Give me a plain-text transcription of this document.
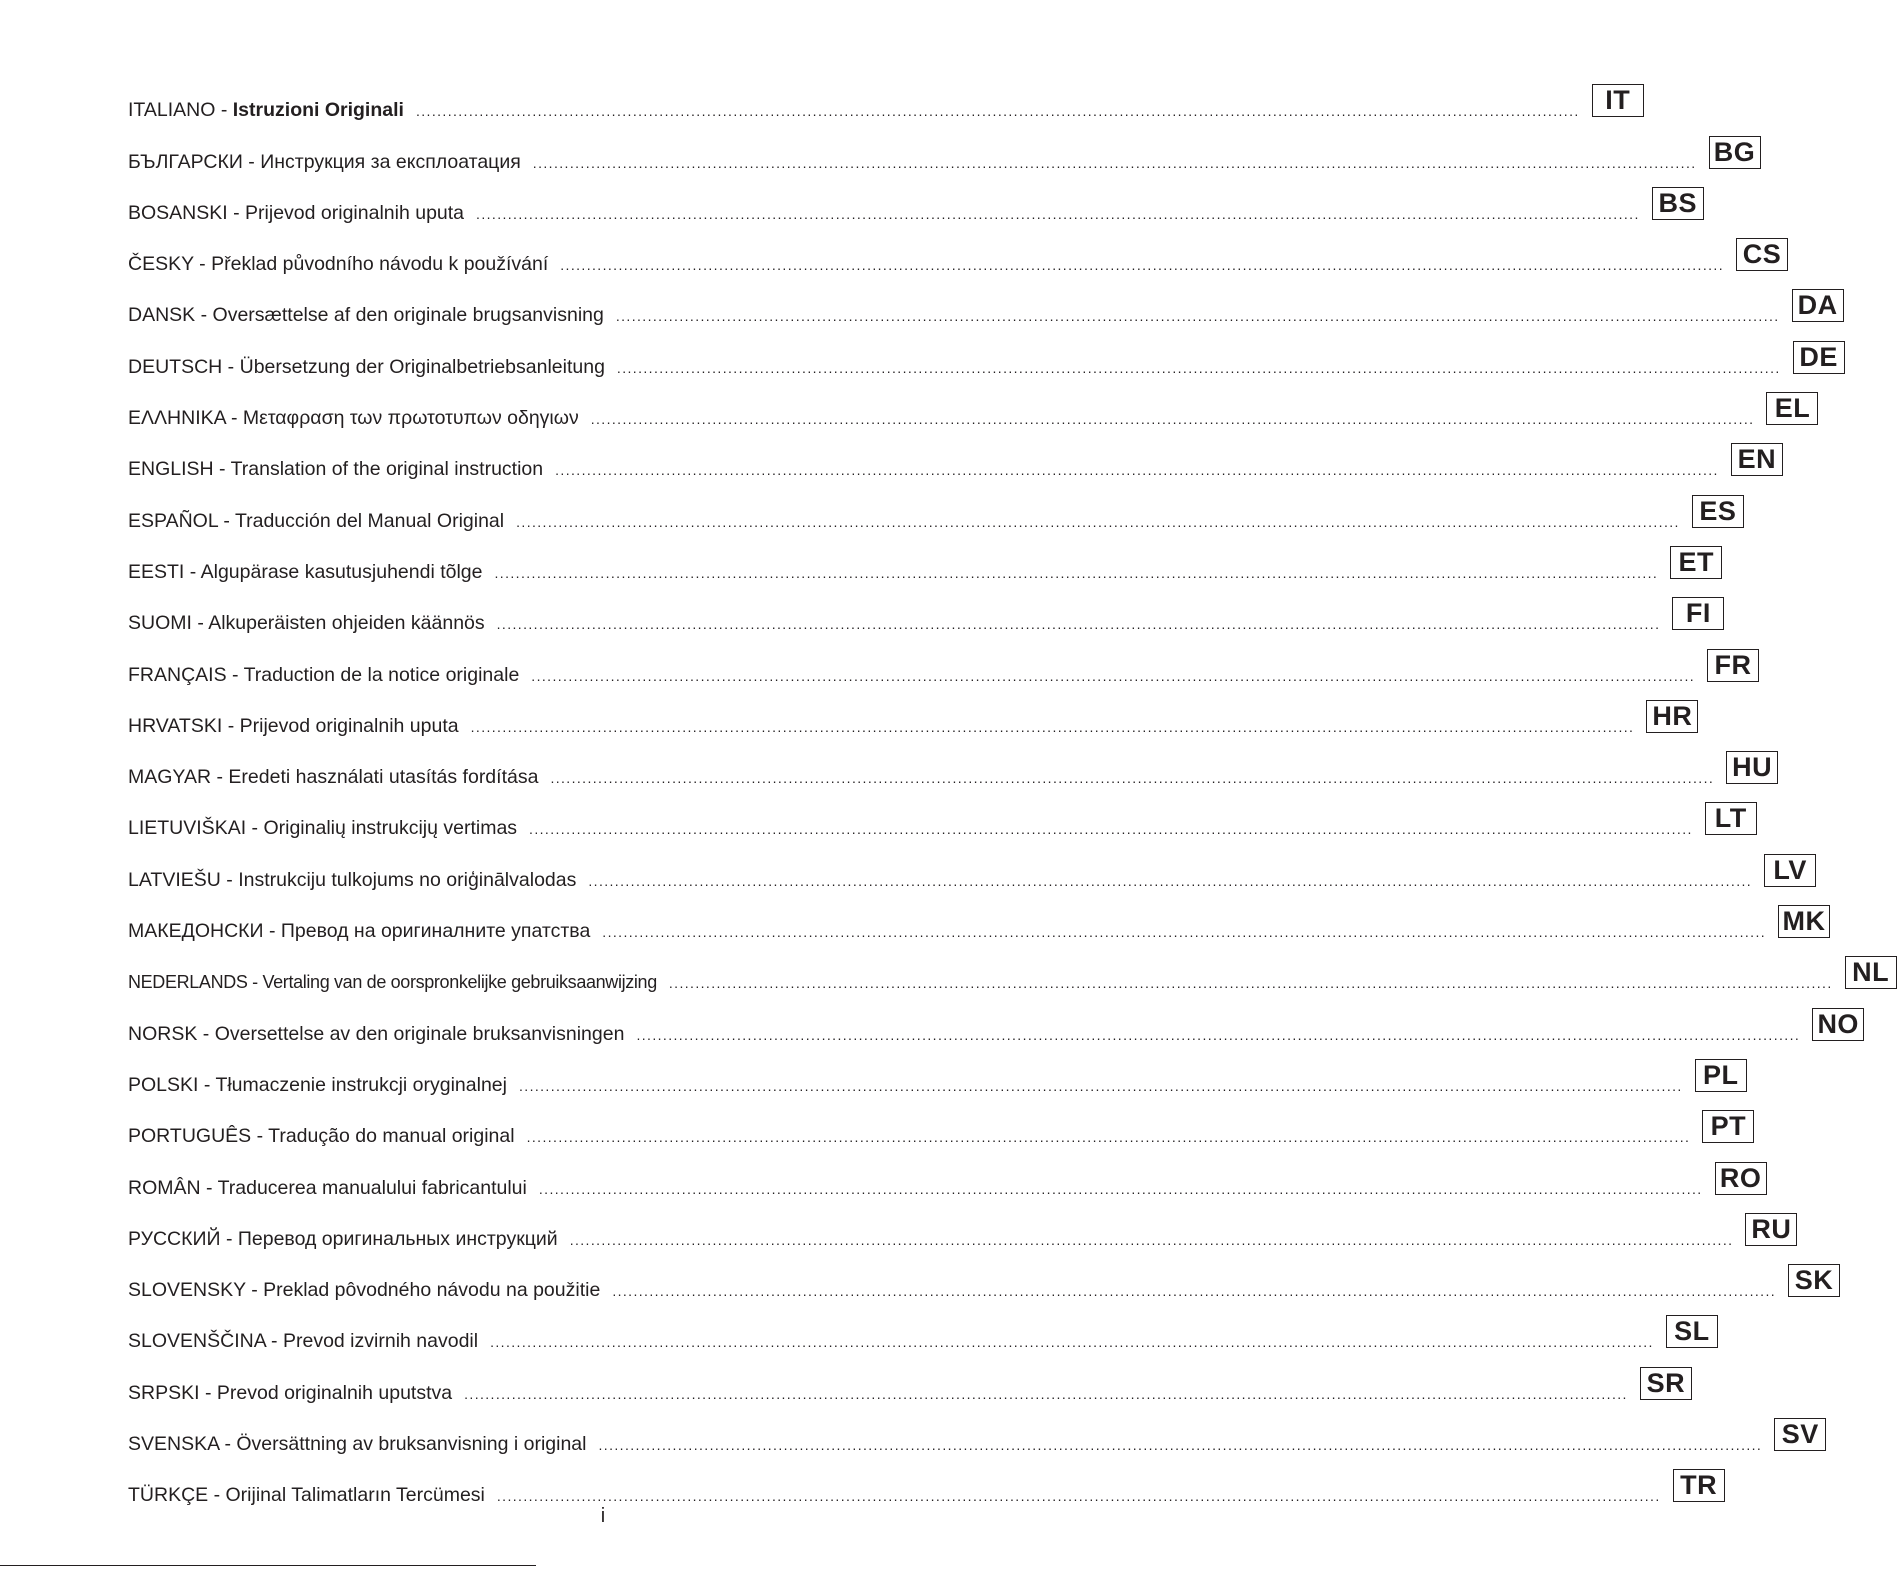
ITALIANO - Istruzioni Originali ............................................................................................................................................................................................................................ IT
БЪЛГАРСКИ - Инструкция за експлоатация ............................................................................................................................................................................................................................ BG
BOSANSKI - Prijevod originalnih uputa ............................................................................................................................................................................................................................ BS
ČESKY - Překlad původního návodu k používání ............................................................................................................................................................................................................................ CS
DANSK - Oversættelse af den originale brugsanvisning ............................................................................................................................................................................................................................ DA
DEUTSCH - Übersetzung der Originalbetriebsanleitung ............................................................................................................................................................................................................................ DE
ΕΛΛΗΝΙΚΑ - Μεταφραση των πρωτοτυπων οδηγιων ............................................................................................................................................................................................................................ EL
ENGLISH - Translation of the original instruction ............................................................................................................................................................................................................................ EN
ESPAÑOL - Traducción del Manual Original ............................................................................................................................................................................................................................ ES
EESTI - Algupärase kasutusjuhendi tõlge ............................................................................................................................................................................................................................ ET
SUOMI - Alkuperäisten ohjeiden käännös ............................................................................................................................................................................................................................ FI
FRANÇAIS - Traduction de la notice originale ............................................................................................................................................................................................................................ FR
HRVATSKI - Prijevod originalnih uputa ............................................................................................................................................................................................................................ HR
MAGYAR - Eredeti használati utasítás fordítása ............................................................................................................................................................................................................................ HU
LIETUVIŠKAI - Originalių instrukcijų vertimas ............................................................................................................................................................................................................................ LT
LATVIEŠU - Instrukciju tulkojums no oriģinālvalodas ............................................................................................................................................................................................................................ LV
МАКЕДОНСКИ - Превод на оригиналните упатства ............................................................................................................................................................................................................................ MK
NEDERLANDS - Vertaling van de oorspronkelijke gebruiksaanwijzing ............................................................................................................................................................................................................................ NL
NORSK - Oversettelse av den originale bruksanvisningen ............................................................................................................................................................................................................................ NO
POLSKI - Tłumaczenie instrukcji oryginalnej ............................................................................................................................................................................................................................ PL
PORTUGUÊS - Tradução do manual original ............................................................................................................................................................................................................................ PT
ROMÂN - Traducerea manualului fabricantului ............................................................................................................................................................................................................................ RO
РУССКИЙ - Перевод оригинальных инструкций ............................................................................................................................................................................................................................ RU
SLOVENSKY - Preklad pôvodného návodu na použitie ............................................................................................................................................................................................................................ SK
SLOVENŠČINA - Prevod izvirnih navodil ............................................................................................................................................................................................................................ SL
SRPSKI - Prevod originalnih uputstva ............................................................................................................................................................................................................................ SR
SVENSKA - Översättning av bruksanvisning i original ............................................................................................................................................................................................................................ SV
TÜRKÇE - Orijinal Talimatların Tercümesi ............................................................................................................................................................................................................................ TR
i
